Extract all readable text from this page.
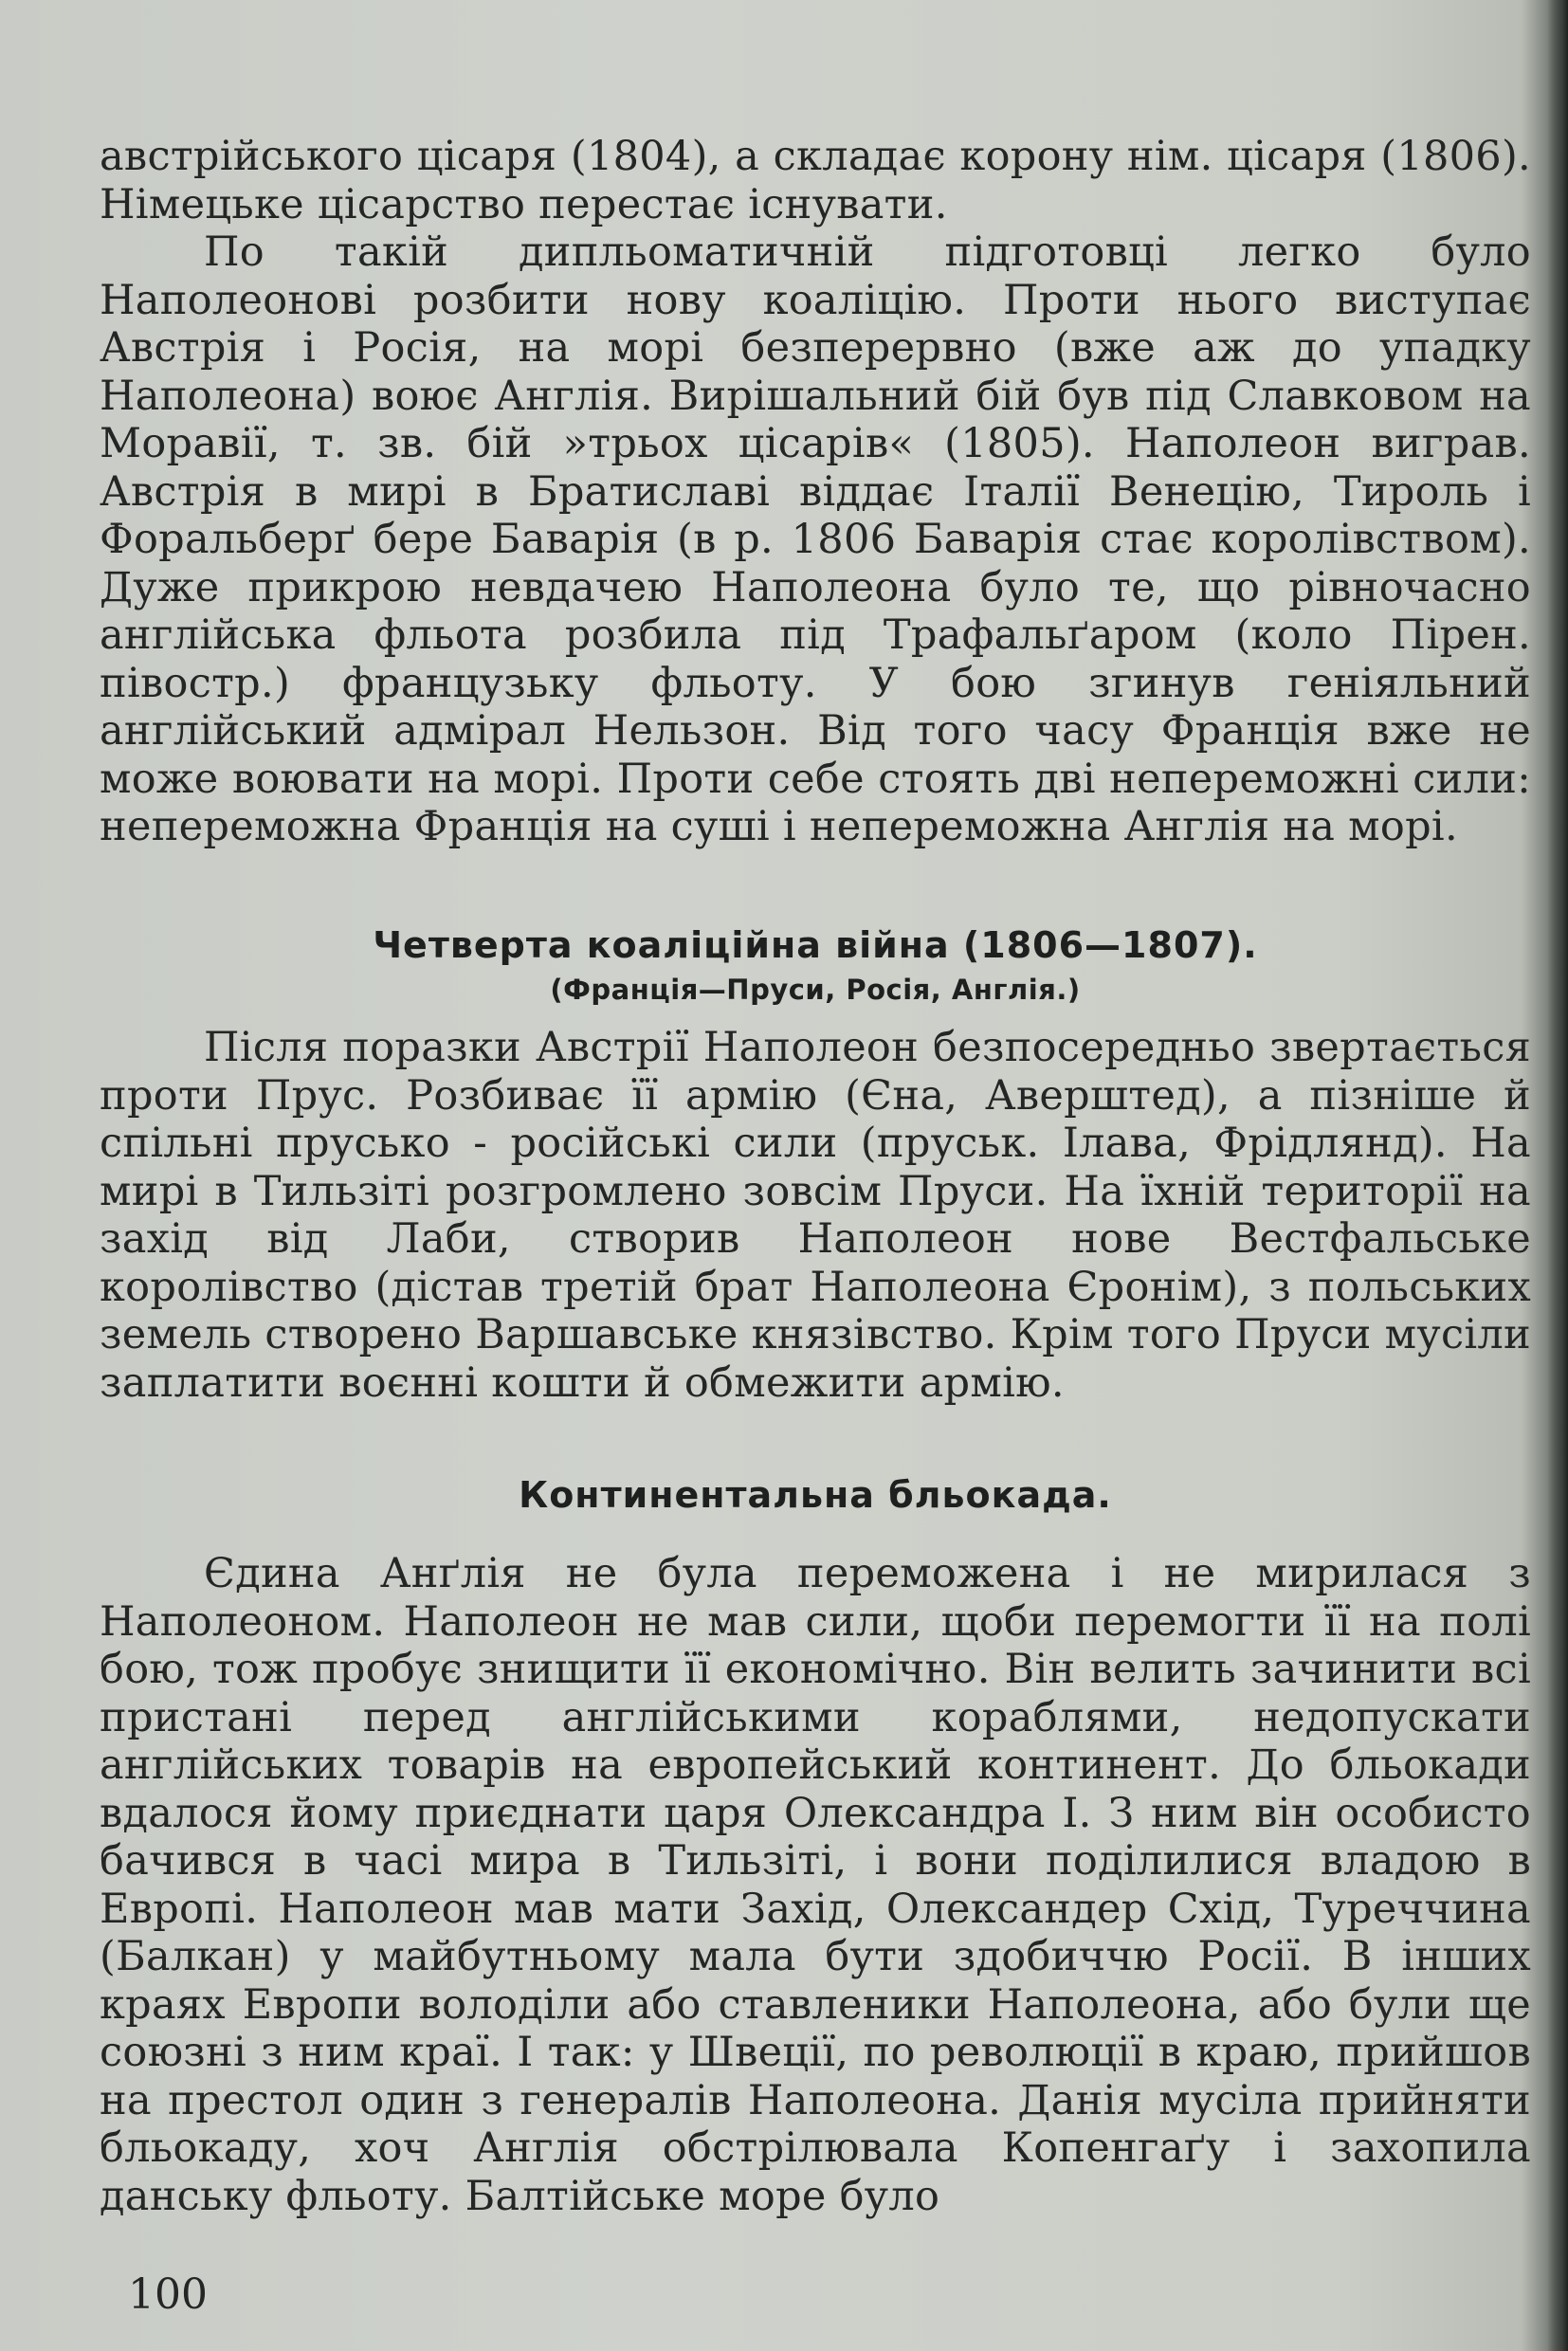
австрійського цісаря (1804), а складає корону нім. цісаря (1806). Німецьке цісарство перестає існувати.

По такій дипльоматичній підготовці легко було Наполеонові розбити нову коаліцію. Проти нього виступає Австрія і Росія, на морі безперервно (вже аж до упадку Наполеона) воює Англія. Вирішальний бій був під Славковом на Моравії, т. зв. бій »трьох цісарів« (1805). Наполеон виграв. Австрія в мирі в Братиславі віддає Італії Венецію, Тироль і Форальберґ бере Баварія (в р. 1806 Баварія стає королівством). Дуже прикрою невдачею Наполеона було те, що рівночасно англійська фльота розбила під Трафальґаром (коло Пірен. півостр.) французьку фльоту. У бою згинув геніяльний англійський адмірал Нельзон. Від того часу Франція вже не може воювати на морі. Проти себе стоять дві непереможні сили: непереможна Франція на суші і непереможна Англія на морі.

Четверта коаліційна війна (1806—1807).
(Франція—Пруси, Росія, Англія.)

Після поразки Австрії Наполеон безпосередньо звертається проти Прус. Розбиває її армію (Єна, Аверштед), а пізніше й спільні прусько - російські сили (пруськ. Ілава, Фрідлянд). На мирі в Тильзіті розгромлено зовсім Пруси. На їхній території на захід від Лаби, створив Наполеон нове Вестфальське королівство (дістав третій брат Наполеона Єронім), з польських земель створено Варшавське князівство. Крім того Пруси мусіли заплатити воєнні кошти й обмежити армію.

Континентальна бльокада.

Єдина Анґлія не була переможена і не мирилася з Наполеоном. Наполеон не мав сили, щоби перемогти її на полі бою, тож пробує знищити її економічно. Він велить зачинити всі пристані перед англійськими кораблями, недопускати англійських товарів на европейський континент. До бльокади вдалося йому приєднати царя Олександра І. З ним він особисто бачився в часі мира в Тильзіті, і вони поділилися владою в Европі. Наполеон мав мати Захід, Олександер Схід, Туреччина (Балкан) у майбутньому мала бути здобиччю Росії. В інших краях Европи володіли або ставленики Наполеона, або були ще союзні з ним краї. І так: у Швеції, по революції в краю, прийшов на престол один з генералів Наполеона. Данія мусіла прийняти бльокаду, хоч Англія обстрілювала Копенгаґу і захопила данську фльоту. Балтійське море було

100
